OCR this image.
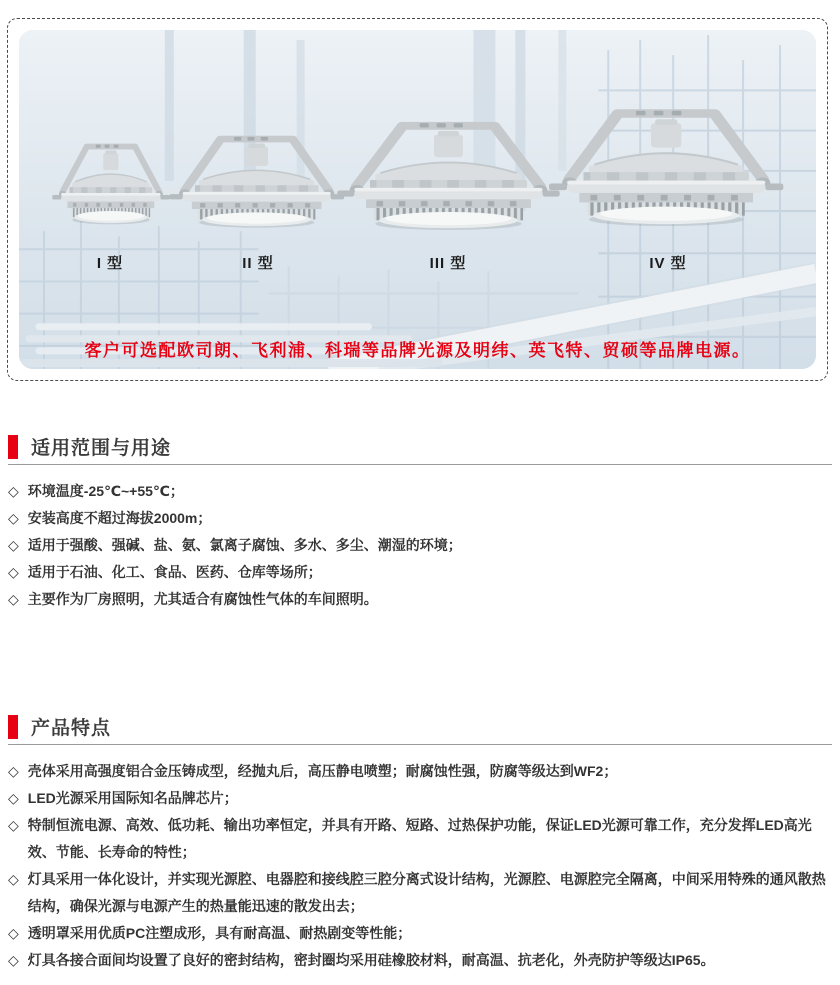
I 型	II 型	III 型	IV 型
客户可选配欧司朗、飞利浦、科瑞等品牌光源及明纬、英飞特、贸硕等品牌电源。
适用范围与用途
◇ 环境温度-25℃~+55℃；
◇ 安装高度不超过海拔2000m；
◇ 适用于强酸、强碱、盐、氨、氯离子腐蚀、多水、多尘、潮湿的环境；
◇ 适用于石油、化工、食品、医药、仓库等场所；
◇ 主要作为厂房照明，尤其适合有腐蚀性气体的车间照明。
产品特点
◇ 壳体采用高强度铝合金压铸成型，经抛丸后，高压静电喷塑；耐腐蚀性强，防腐等级达到WF2；
◇ LED光源采用国际知名品牌芯片；
◇ 特制恒流电源、高效、低功耗、输出功率恒定，并具有开路、短路、过热保护功能，保证LED光源可靠工作，充分发挥LED高光效、节能、长寿命的特性；
◇ 灯具采用一体化设计，并实现光源腔、电器腔和接线腔三腔分离式设计结构，光源腔、电源腔完全隔离，中间采用特殊的通风散热结构，确保光源与电源产生的热量能迅速的散发出去；
◇ 透明罩采用优质PC注塑成形，具有耐高温、耐热剧变等性能；
◇ 灯具各接合面间均设置了良好的密封结构，密封圈均采用硅橡胶材料，耐高温、抗老化，外壳防护等级达IP65。
